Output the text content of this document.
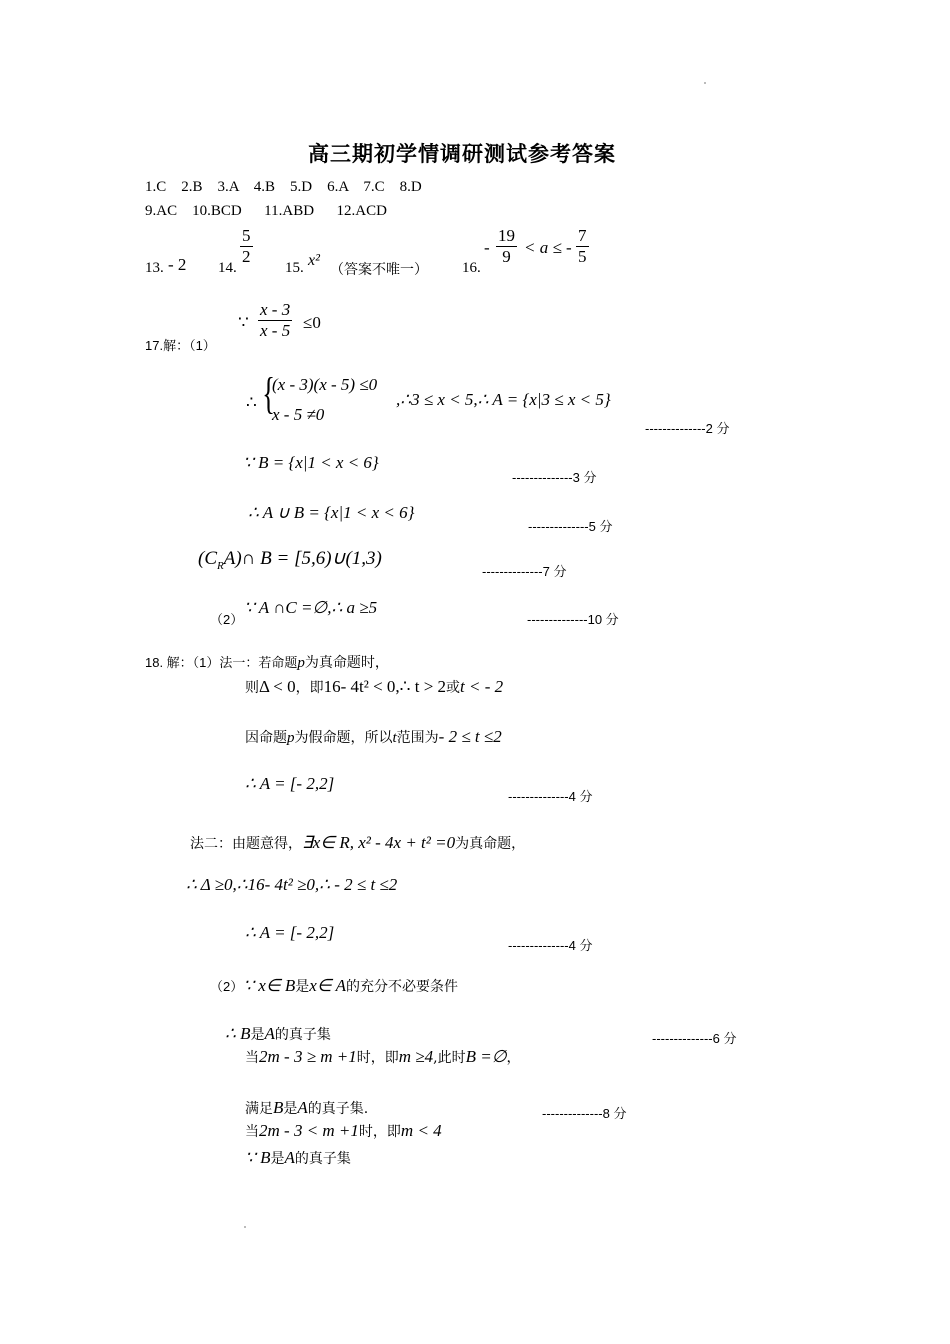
高三期初学情调研测试参考答案
1.C    2.B    3.A    4.B    5.D    6.A    7.C    8.D
9.AC    10.BCD      11.ABD      12.ACD
13. - 2 14.
$\frac{5}{2}$
15. x²
（答案不唯一） 16.
- $\frac{19}{9} < a$ ≤ - $\frac{7}{5}$
∵ $\frac{x - 3}{x - 5} \le 0$
17.解：（1）
∴ {
(x - 3)(x - 5) ≤0
x - 5 ≠0
,∴3 ≤ x < 5,∴ A = {x|3 ≤ x < 5}
--------------2 分
∵ B = {x|1 < x < 6}
--------------3 分
∴ A ∪ B = {x|1 < x < 6}
--------------5 分
$(C_RA)\cap$ B = [5,6)∪(1,3)
--------------7 分
（2）
∵ A ∩C =∅,∴ a ≥5
--------------10 分
18. 解：（1）法一：若命题p为真命题时，
则Δ < 0，即16- 4t² < 0,∴ t > 2或t < - 2
因命题p为假命题，所以t范围为- 2 ≤ t ≤2
∴ A = [- 2,2]
--------------4 分
法二：由题意得，∃x∈ R, x² - 4x + t² =0为真命题，
∴ Δ ≥0,∴16- 4t² ≥0,∴ - 2 ≤ t ≤2
∴ A = [- 2,2]
--------------4 分
（2）∵ x∈ B是x∈ A的充分不必要条件
∴ B是A的真子集	--------------6 分
当2m - 3 ≥ m +1时，即m ≥4,此时B =∅，
满足B是A的真子集.	--------------8 分
当2m - 3 < m +1时，即m < 4
∵ B是A的真子集
